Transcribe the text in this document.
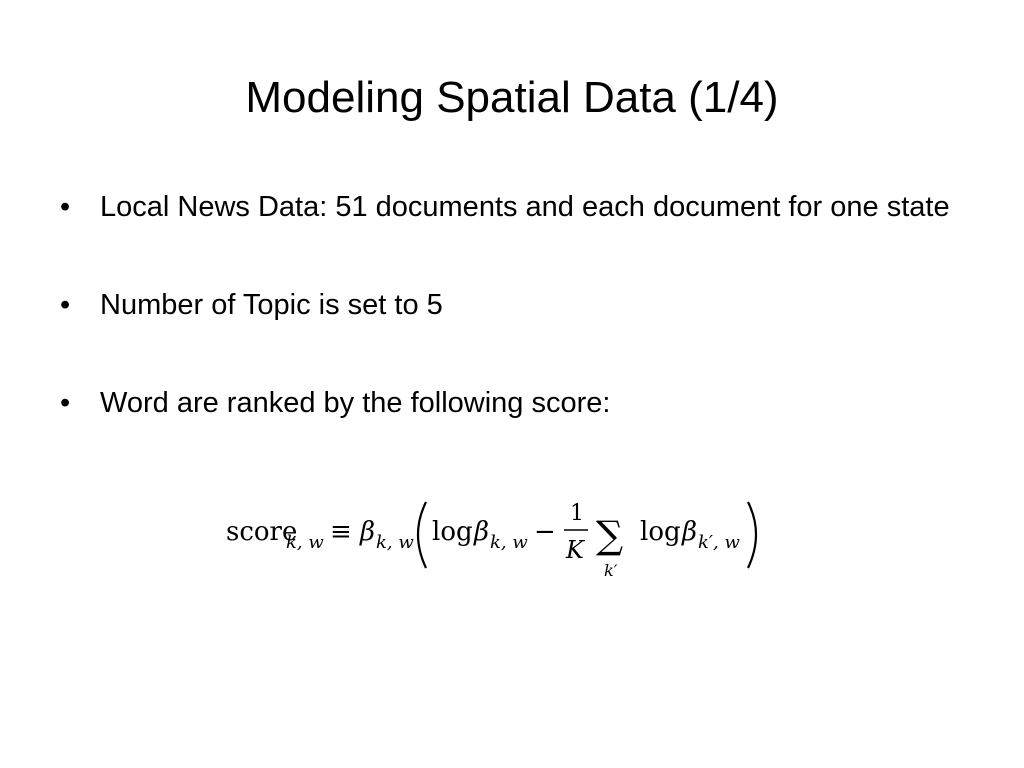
Modeling Spatial Data (1/4)
•	Local News Data: 51 documents and each document for one state
•	Number of Topic is set to 5
•	Word are ranked by the following score:
score
k, w ≡ β k, w log β k, w −
1
K ∑
k′
log β k′, w
